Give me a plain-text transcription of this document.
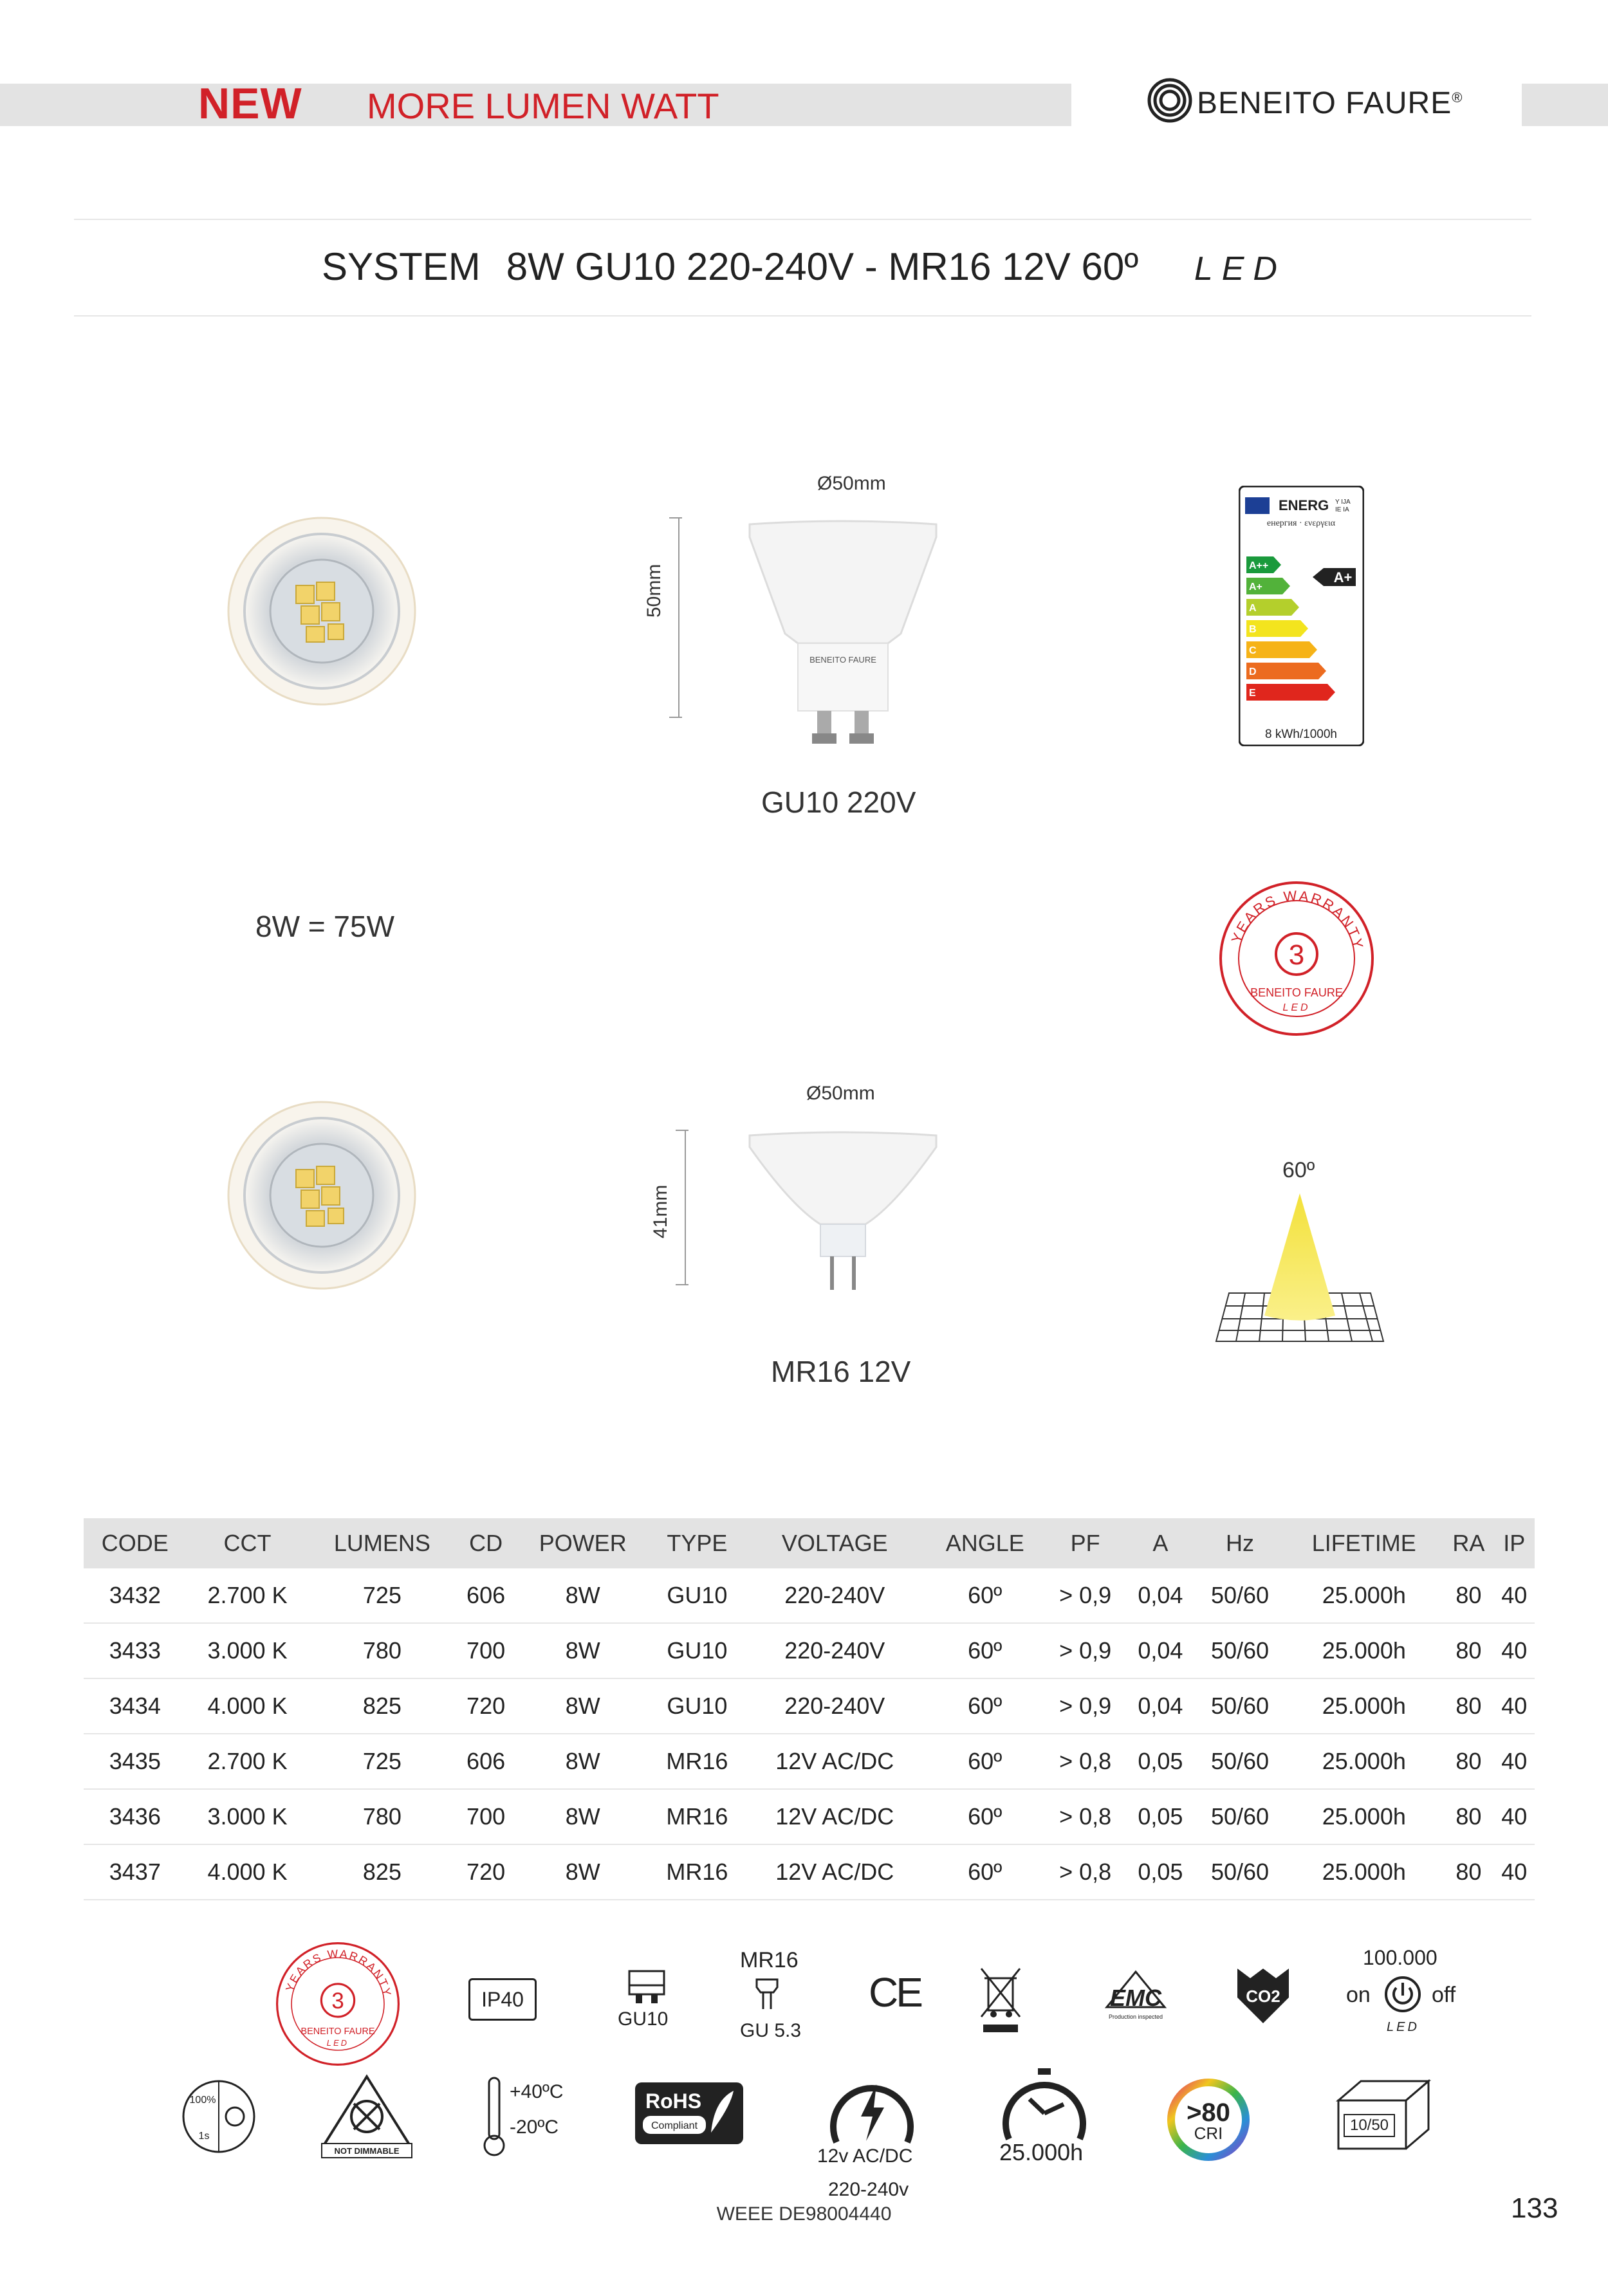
NEW MORE LUMEN WATT	BENEITO FAURE®
SYSTEM 8W GU10 220-240V - MR16 12V 60º LED
Ø50mm
50mm
BENEITO FAURE
GU10 220V
ENERG Y IJA
IE IA
енергия · ενεργεια
A++
A+
A
B
C
D
E
A+
8 kWh/1000h
8W = 75W	YEARS WARRANTY
3
BENEITO FAURE
LED
Ø50mm
41mm
MR16 12V
60º
CODE	CCT	LUMENS	CD	POWER	TYPE	VOLTAGE	ANGLE	PF	A	Hz	LIFETIME	RA	IP
3432	2.700 K	725	606	8W	GU10	220-240V	60º	> 0,9	0,04	50/60	25.000h	80	40
3433	3.000 K	780	700	8W	GU10	220-240V	60º	> 0,9	0,04	50/60	25.000h	80	40
3434	4.000 K	825	720	8W	GU10	220-240V	60º	> 0,9	0,04	50/60	25.000h	80	40
3435	2.700 K	725	606	8W	MR16	12V AC/DC	60º	> 0,8	0,05	50/60	25.000h	80	40
3436	3.000 K	780	700	8W	MR16	12V AC/DC	60º	> 0,8	0,05	50/60	25.000h	80	40
3437	4.000 K	825	720	8W	MR16	12V AC/DC	60º	> 0,8	0,05	50/60	25.000h	80	40
YEARS WARRANTY
3
BENEITO FAURE
LED
IP40
GU10
MR16
GU 5.3
CE	EMC
Production inspected
CO2
100.000
on	off
LED
100%
1s
NOT DIMMABLE
+40ºC
-20ºC
RoHS
Compliant
12v AC/DC
220-240v
25.000h
>80
CRI	10/50
WEEE DE98004440	133
